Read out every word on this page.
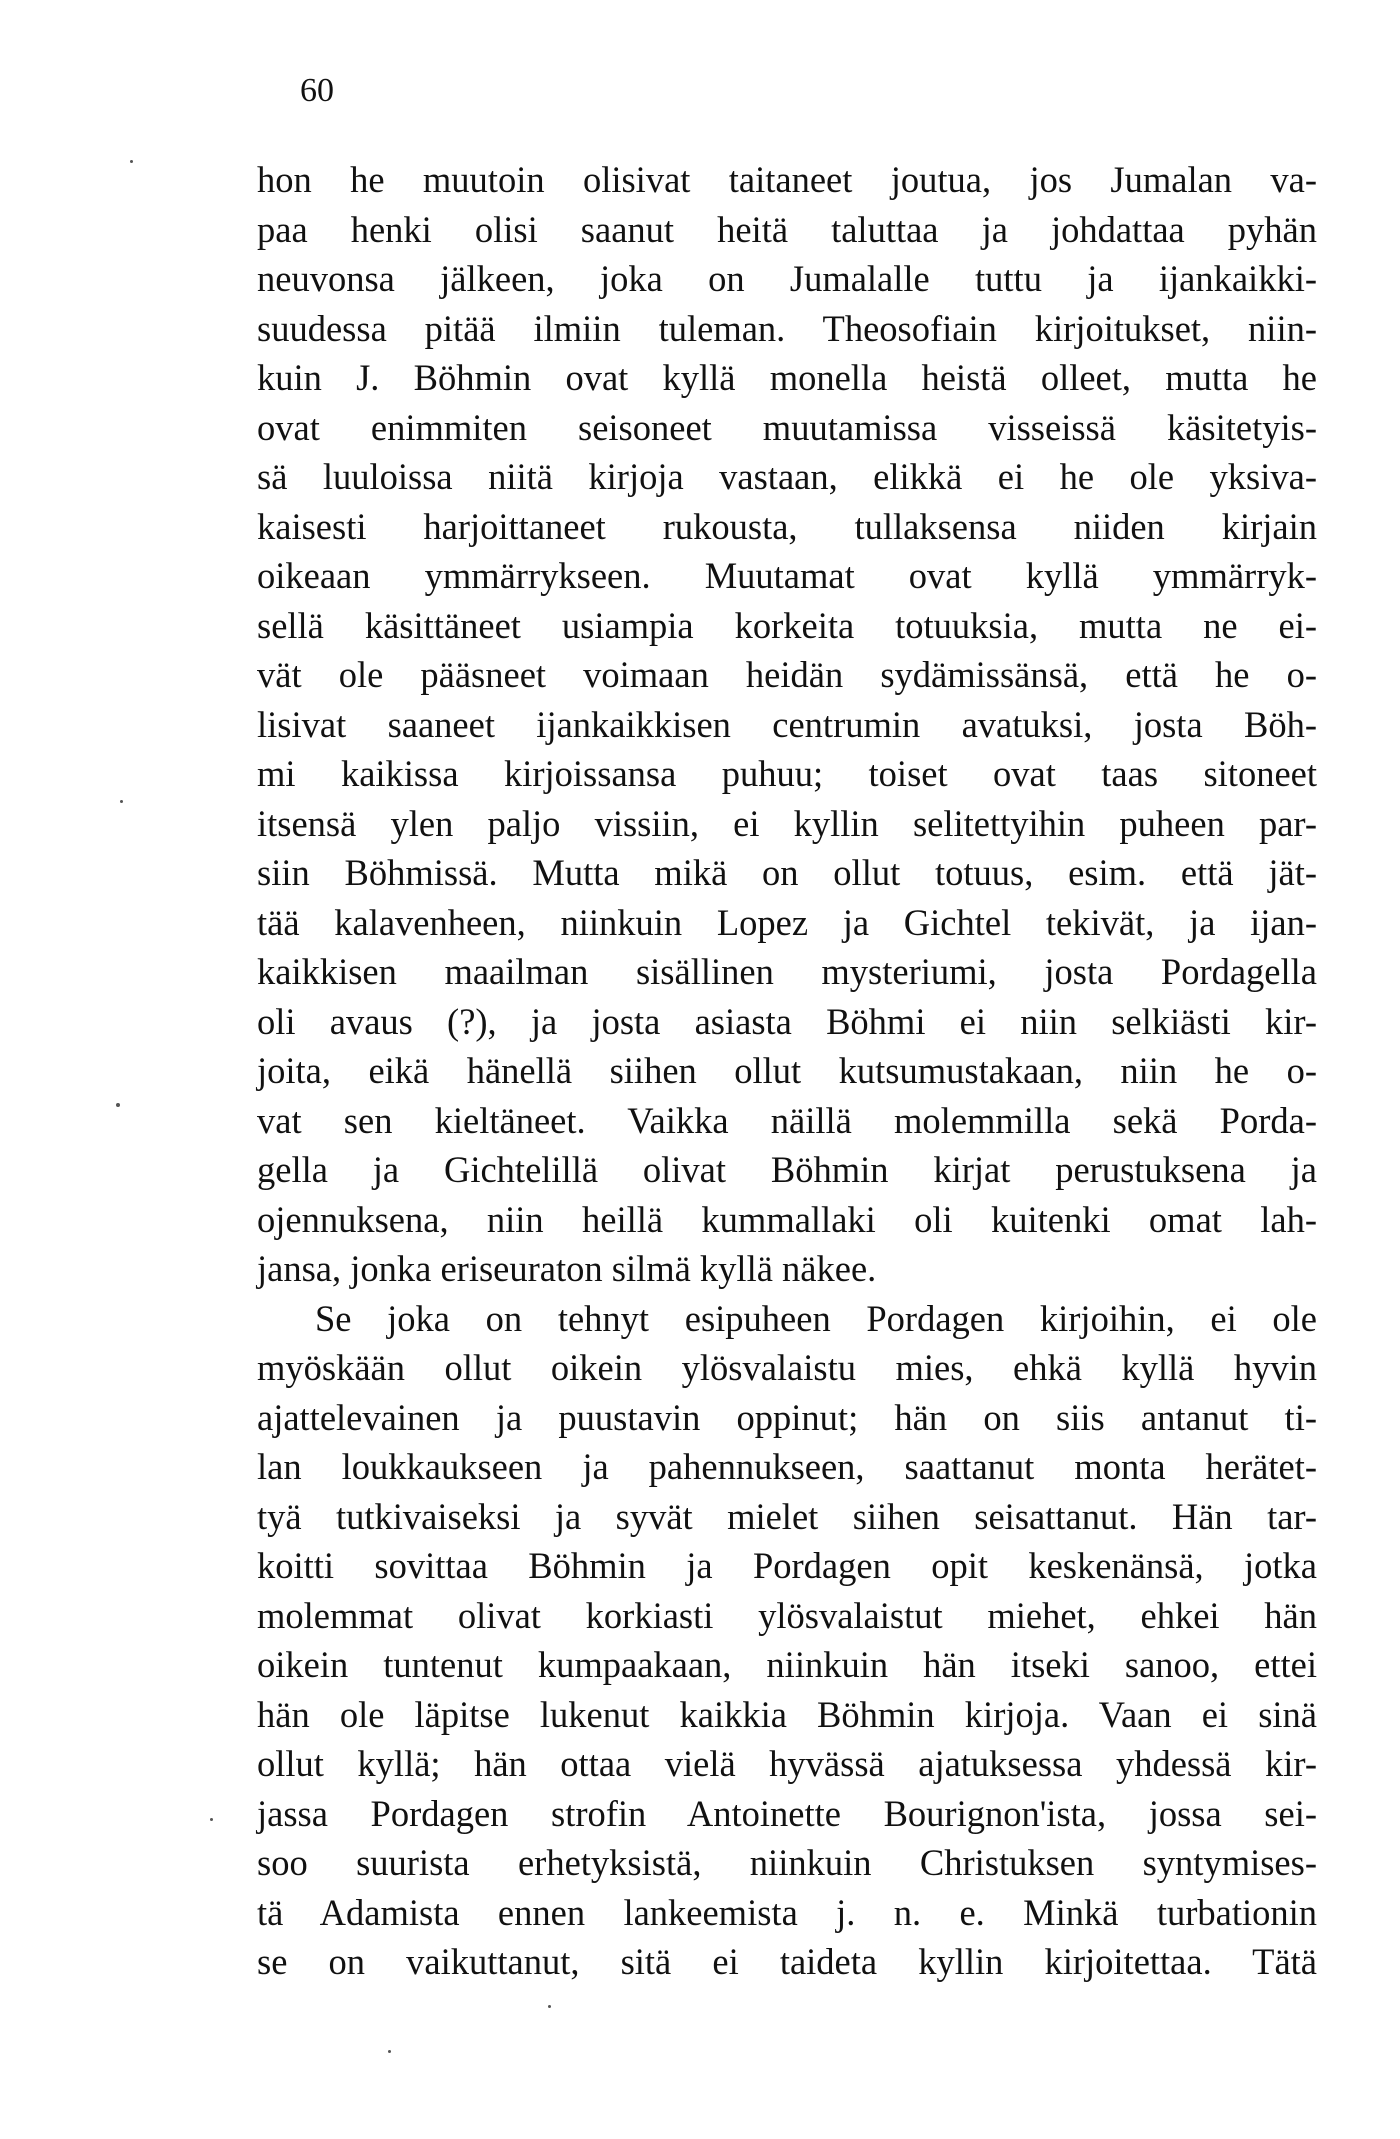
60
hon he muutoin olisivat taitaneet joutua, jos Jumalan va-
paa henki olisi saanut heitä taluttaa ja johdattaa pyhän
neuvonsa jälkeen, joka on Jumalalle tuttu ja ijankaikki-
suudessa pitää ilmiin tuleman. Theosofiain kirjoitukset, niin-
kuin J. Böhmin ovat kyllä monella heistä olleet, mutta he
ovat enimmiten seisoneet muutamissa visseissä käsitetyis-
sä luuloissa niitä kirjoja vastaan, elikkä ei he ole yksiva-
kaisesti harjoittaneet rukousta, tullaksensa niiden kirjain
oikeaan ymmärrykseen. Muutamat ovat kyllä ymmärryk-
sellä käsittäneet usiampia korkeita totuuksia, mutta ne ei-
vät ole pääsneet voimaan heidän sydämissänsä, että he o-
lisivat saaneet ijankaikkisen centrumin avatuksi, josta Böh-
mi kaikissa kirjoissansa puhuu; toiset ovat taas sitoneet
itsensä ylen paljo vissiin, ei kyllin selitettyihin puheen par-
siin Böhmissä. Mutta mikä on ollut totuus, esim. että jät-
tää kalavenheen, niinkuin Lopez ja Gichtel tekivät, ja ijan-
kaikkisen maailman sisällinen mysteriumi, josta Pordagella
oli avaus (?), ja josta asiasta Böhmi ei niin selkiästi kir-
joita, eikä hänellä siihen ollut kutsumustakaan, niin he o-
vat sen kieltäneet. Vaikka näillä molemmilla sekä Porda-
gella ja Gichtelillä olivat Böhmin kirjat perustuksena ja
ojennuksena, niin heillä kummallaki oli kuitenki omat lah-
jansa, jonka eriseuraton silmä kyllä näkee.
Se joka on tehnyt esipuheen Pordagen kirjoihin, ei ole
myöskään ollut oikein ylösvalaistu mies, ehkä kyllä hyvin
ajattelevainen ja puustavin oppinut; hän on siis antanut ti-
lan loukkaukseen ja pahennukseen, saattanut monta herätet-
tyä tutkivaiseksi ja syvät mielet siihen seisattanut. Hän tar-
koitti sovittaa Böhmin ja Pordagen opit keskenänsä, jotka
molemmat olivat korkiasti ylösvalaistut miehet, ehkei hän
oikein tuntenut kumpaakaan, niinkuin hän itseki sanoo, ettei
hän ole läpitse lukenut kaikkia Böhmin kirjoja. Vaan ei sinä
ollut kyllä; hän ottaa vielä hyvässä ajatuksessa yhdessä kir-
jassa Pordagen strofin Antoinette Bourignon'ista, jossa sei-
soo suurista erhetyksistä, niinkuin Christuksen syntymises-
tä Adamista ennen lankeemista j. n. e. Minkä turbationin
se on vaikuttanut, sitä ei taideta kyllin kirjoitettaa. Tätä
